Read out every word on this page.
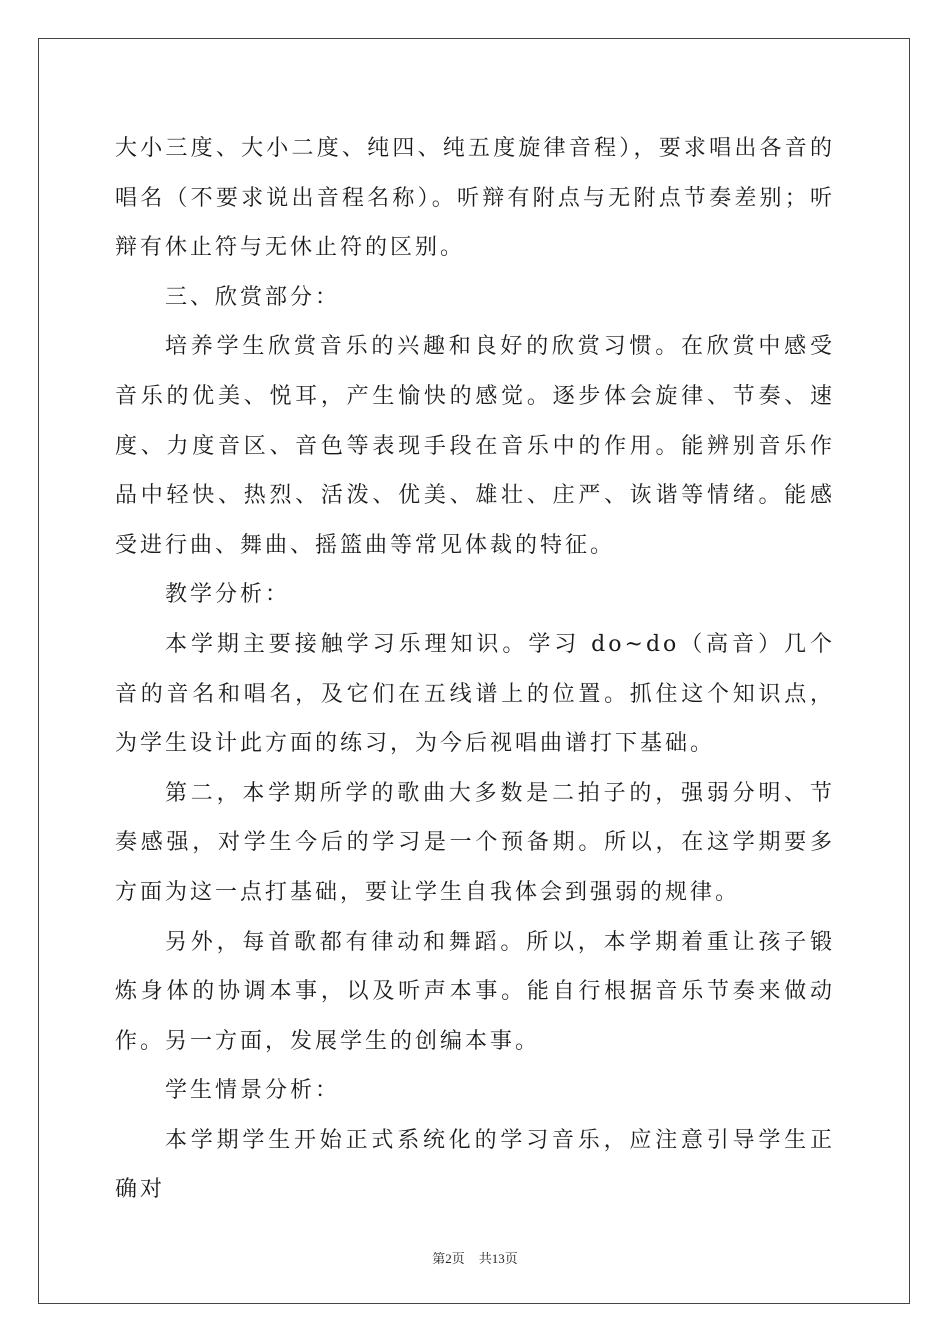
大小三度、大小二度、纯四、纯五度旋律音程），要求唱出各音的唱名（不要求说出音程名称）。听辩有附点与无附点节奏差别；听辩有休止符与无休止符的区别。

三、欣赏部分：

培养学生欣赏音乐的兴趣和良好的欣赏习惯。在欣赏中感受音乐的优美、悦耳，产生愉快的感觉。逐步体会旋律、节奏、速度、力度音区、音色等表现手段在音乐中的作用。能辨别音乐作品中轻快、热烈、活泼、优美、雄壮、庄严、诙谐等情绪。能感受进行曲、舞曲、摇篮曲等常见体裁的特征。

教学分析：

本学期主要接触学习乐理知识。学习 do~do（高音）几个音的音名和唱名，及它们在五线谱上的位置。抓住这个知识点，为学生设计此方面的练习，为今后视唱曲谱打下基础。

第二，本学期所学的歌曲大多数是二拍子的，强弱分明、节奏感强，对学生今后的学习是一个预备期。所以，在这学期要多方面为这一点打基础，要让学生自我体会到强弱的规律。

另外，每首歌都有律动和舞蹈。所以，本学期着重让孩子锻炼身体的协调本事，以及听声本事。能自行根据音乐节奏来做动作。另一方面，发展学生的创编本事。

学生情景分析：

本学期学生开始正式系统化的学习音乐，应注意引导学生正确对

第2页 共13页
